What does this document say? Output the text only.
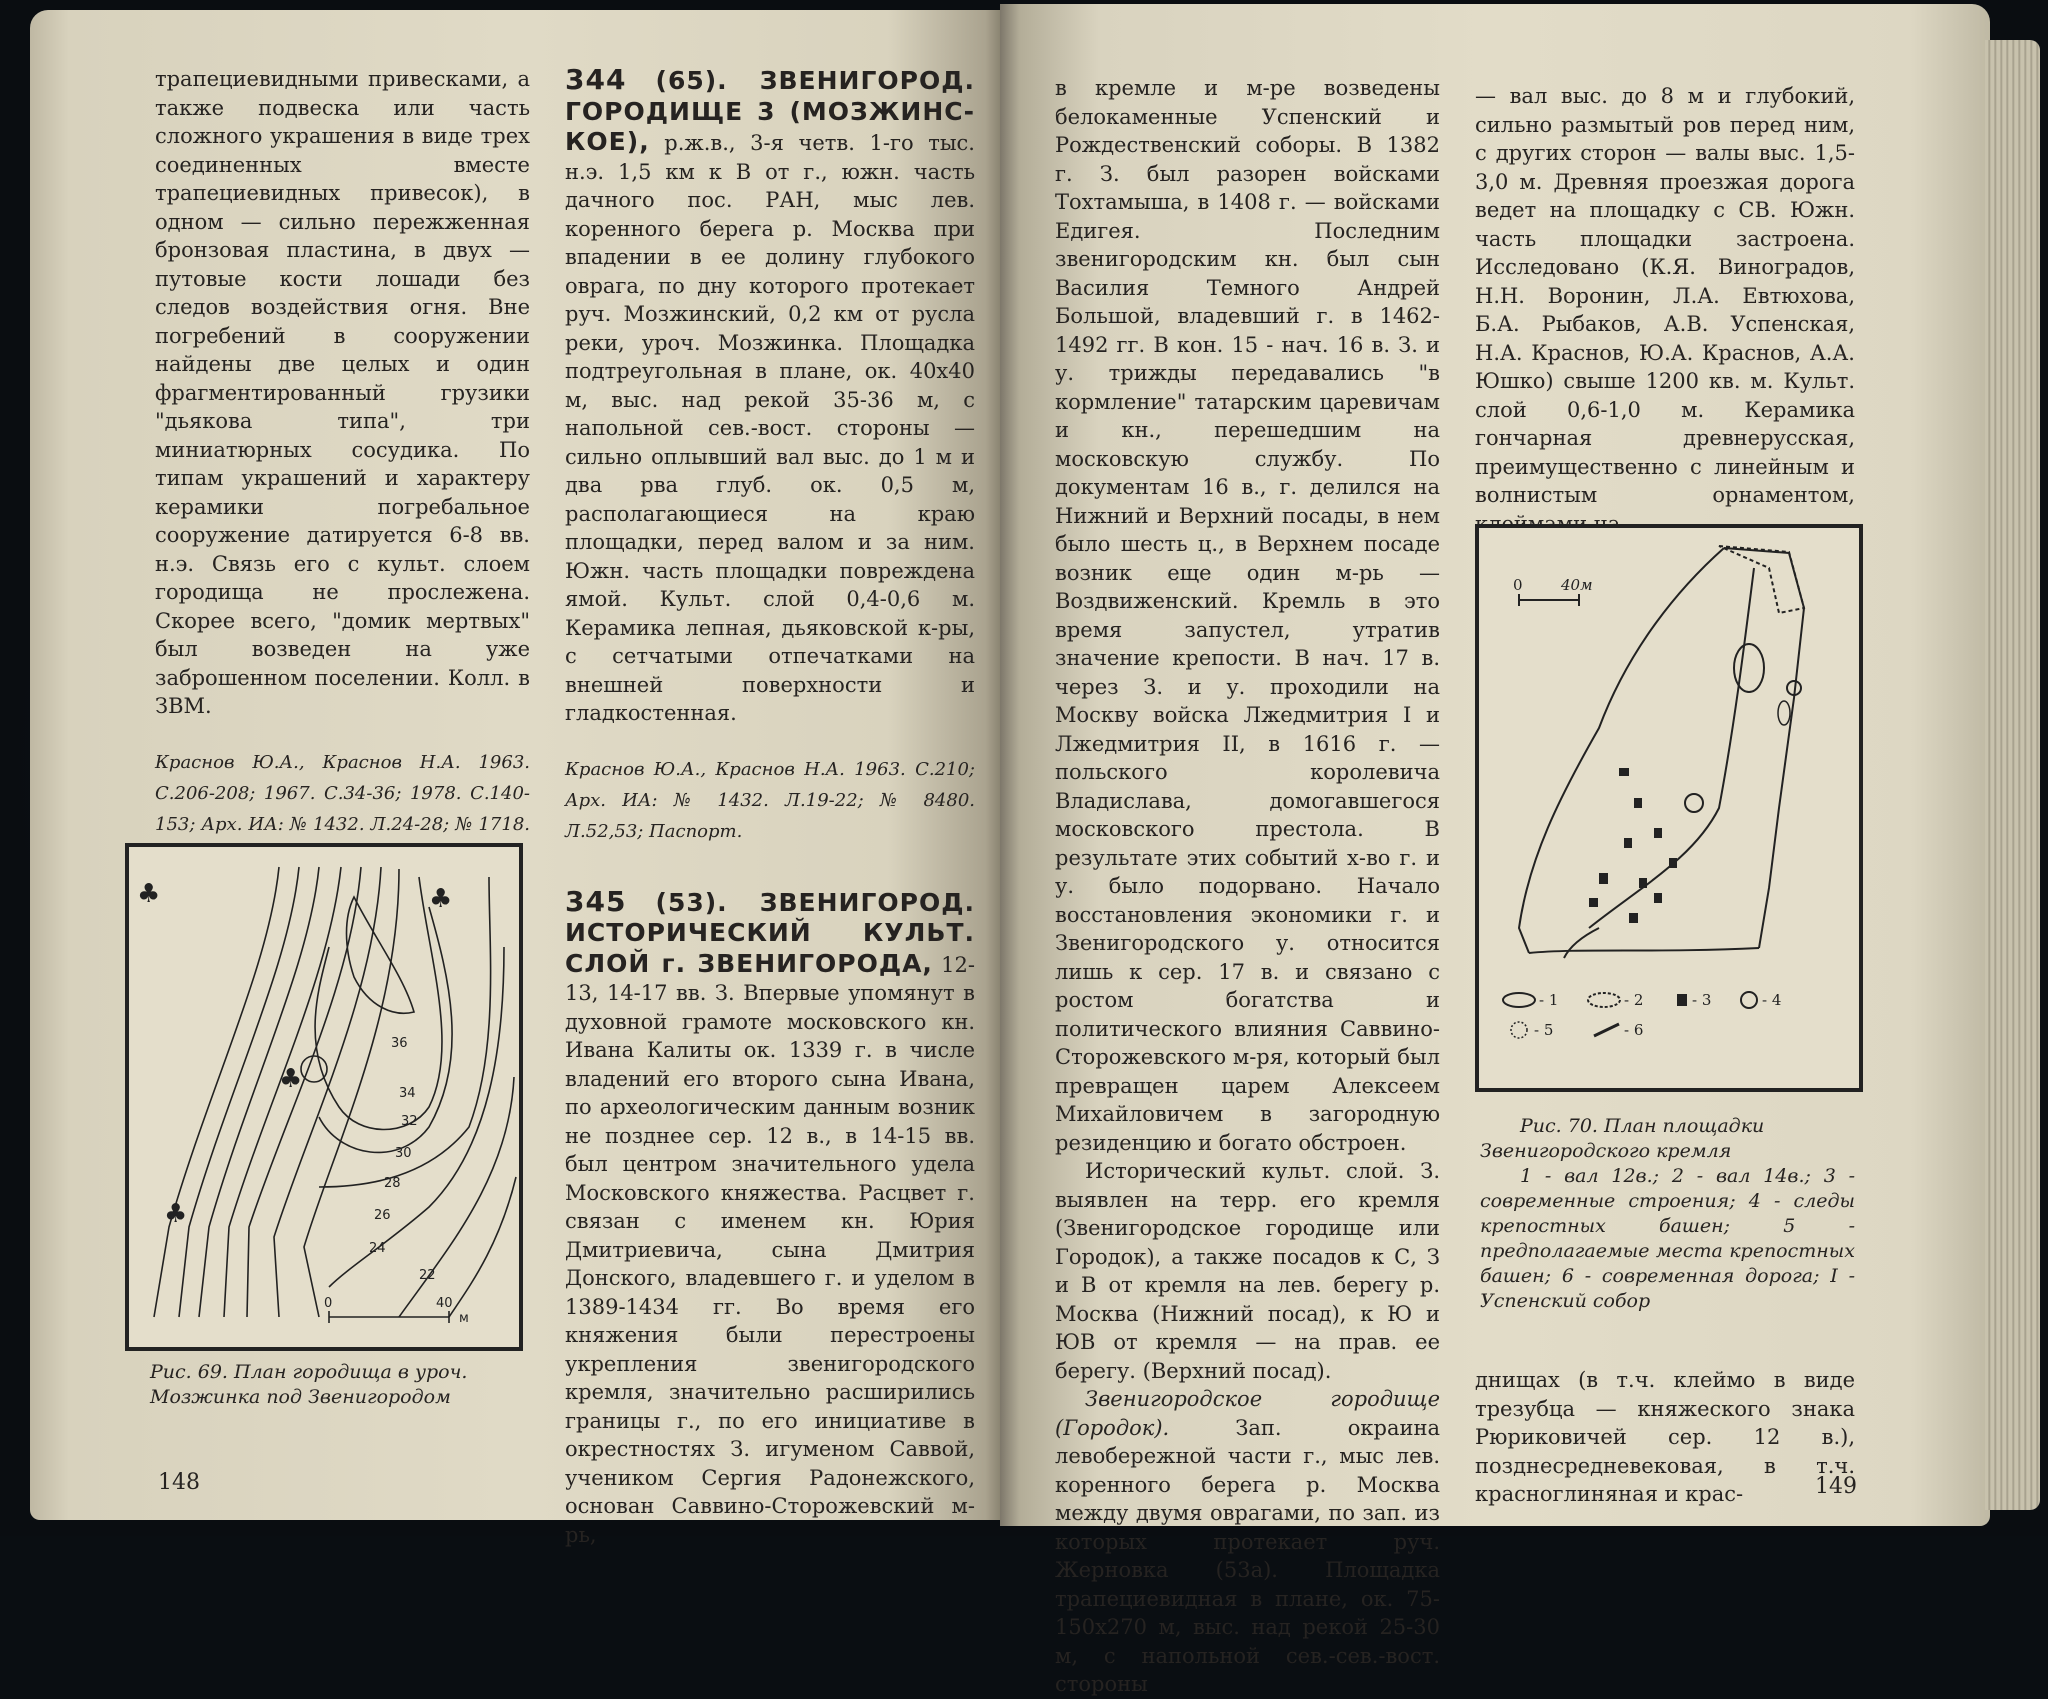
трапециевидными привесками, а также подвеска или часть сложного украшения в виде трех соединенных вместе трапециевидных привесок), в одном — сильно пережженная бронзовая пластина, в двух — путовые кости лошади без следов воздействия огня. Вне погребений в сооружении найдены две целых и один фрагментированный грузики "дьякова типа", три миниатюрных сосудика. По типам украшений и характеру керамики погребальное сооружение датируется 6-8 вв. н.э. Связь его с культ. слоем городища не прослежена. Скорее всего, "домик мертвых" был возведен на уже заброшенном поселении. Колл. в ЗВМ.

Краснов Ю.А., Краснов Н.А. 1963. С.206-208; 1967. С.34-36; 1978. С.140-153; Арх. ИА: № 1432. Л.24-28; № 1718.

♣	♣
♣
♣
36
34
32
30
28
26
24
22
0	40
м
Рис. 69. План городища в уроч. Мозжинка под Звенигородом

344 (65). ЗВЕНИГОРОД. ГОРОДИЩЕ 3 (МОЗЖИНС-КОЕ), р.ж.в., 3-я четв. 1-го тыс. н.э. 1,5 км к В от г., южн. часть дачного пос. РАН, мыс лев. коренного берега р. Москва при впадении в ее долину глубокого оврага, по дну которого протекает руч. Мозжинский, 0,2 км от русла реки, уроч. Мозжинка. Площадка подтреугольная в плане, ок. 40х40 м, выс. над рекой 35-36 м, с напольной сев.-вост. стороны — сильно оплывший вал выс. до 1 м и два рва глуб. ок. 0,5 м, располагающиеся на краю площадки, перед валом и за ним. Южн. часть площадки повреждена ямой. Культ. слой 0,4-0,6 м. Керамика лепная, дьяковской к-ры, с сетчатыми отпечатками на внешней поверхности и гладкостенная.

Краснов Ю.А., Краснов Н.А. 1963. С.210; Арх. ИА: № 1432. Л.19-22; № 8480. Л.52,53; Паспорт.

345 (53). ЗВЕНИГОРОД. ИСТОРИЧЕСКИЙ КУЛЬТ. СЛОЙ г. ЗВЕНИГОРОДА, 12-13, 14-17 вв. З. Впервые упомянут в духовной грамоте московского кн. Ивана Калиты ок. 1339 г. в числе владений его второго сына Ивана, по археологическим данным возник не позднее сер. 12 в., в 14-15 вв. был центром значительного удела Московского княжества. Расцвет г. связан с именем кн. Юрия Дмитриевича, сына Дмитрия Донского, владевшего г. и уделом в 1389-1434 гг. Во время его княжения были перестроены укрепления звенигородского кремля, значительно расширились границы г., по его инициативе в окрестностях З. игуменом Саввой, учеником Сергия Радонежского, основан Саввино-Сторожевский м-рь,

148

в кремле и м-ре возведены белокаменные Успенский и Рождественский соборы. В 1382 г. З. был разорен войсками Тохтамыша, в 1408 г. — войсками Едигея. Последним звенигородским кн. был сын Василия Темного Андрей Большой, владевший г. в 1462-1492 гг. В кон. 15 - нач. 16 в. З. и у. трижды передавались "в кормление" татарским царевичам и кн., перешедшим на московскую службу. По документам 16 в., г. делился на Нижний и Верхний посады, в нем было шесть ц., в Верхнем посаде возник еще один м-рь — Воздвиженский. Кремль в это время запустел, утратив значение крепости. В нач. 17 в. через З. и у. проходили на Москву войска Лжедмитрия I и Лжедмитрия II, в 1616 г. — польского королевича Владислава, домогавшегося московского престола. В результате этих событий х-во г. и у. было подорвано. Начало восстановления экономики г. и Звенигородского у. относится лишь к сер. 17 в. и связано с ростом богатства и политического влияния Саввино-Сторожевского м-ря, который был превращен царем Алексеем Михайловичем в загородную резиденцию и богато обстроен.

Исторический культ. слой. З. выявлен на терр. его кремля (Звенигородское городище или Городок), а также посадов к С, З и В от кремля на лев. берегу р. Москва (Нижний посад), к Ю и ЮВ от кремля — на прав. ее берегу. (Верхний посад).

Звенигородское городище (Городок).	Зап. окраина левобережной части г., мыс лев. коренного берега р. Москва между двумя оврагами, по зап. из которых протекает руч. Жерновка (53а). Площадка трапециевидная в плане, ок. 75-150х270 м, выс. над рекой 25-30 м, с напольной сев.-сев.-вост. стороны

— вал выс. до 8 м и глубокий, сильно размытый ров перед ним, с других сторон — валы выс. 1,5-3,0 м. Древняя проезжая дорога ведет на площадку с СВ. Южн. часть площадки застроена. Исследовано (К.Я. Виноградов, Н.Н. Воронин, Л.А. Евтюхова, Б.А. Рыбаков, А.В. Успенская, Н.А. Краснов, Ю.А. Краснов, А.А. Юшко) свыше 1200 кв. м. Культ. слой 0,6-1,0 м. Керамика гончарная древнерусская, преимущественно с линейным и волнистым орнаментом,

0	40м
- 1	- 2	- 3	- 4
- 5	- 6
Рис. 70. План площадки Звенигородского кремля
1 - вал 12в.; 2 - вал 14в.; 3 - современные строения; 4 - следы крепостных башен; 5 - предполагаемые места крепостных башен; 6 - современная дорога; I - Успенский собор

днищах (в т.ч. клеймо в виде трезубца — княжеского знака Рюриковичей сер. 12 в.), позднесредневековая, в т.ч. красноглиняная и крас-	149
